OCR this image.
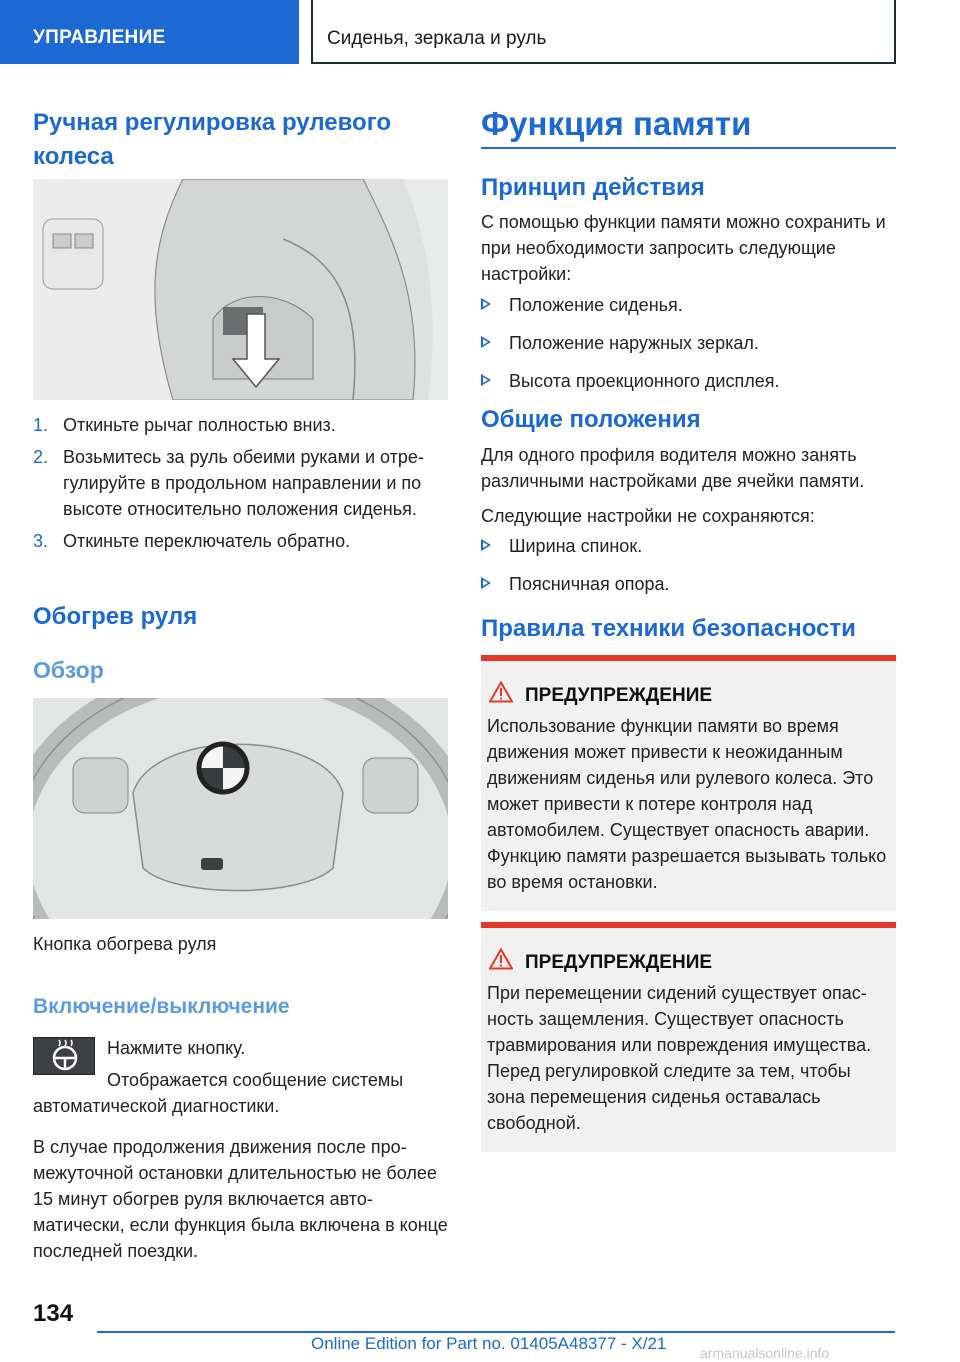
УПРАВЛЕНИЕ	Сиденья, зеркала и руль
Ручная регулировка рулевого колеса
1. Откиньте рычаг полностью вниз.
2. Возьмитесь за руль обеими руками и отрегулируйте в продольном направлении и по высоте относительно положения сиденья.
3. Откиньте переключатель обратно.
Обогрев руля
Обзор
Кнопка обогрева руля
Включение/выключение
Нажмите кнопку.
Отображается сообщение системы автоматической диагностики.
В случае продолжения движения после промежуточной остановки длительностью не более 15 минут обогрев руля включается автоматически, если функция была включена в конце последней поездки.
Функция памяти
Принцип действия
С помощью функции памяти можно сохранить и при необходимости запросить следующие настройки:
Положение сиденья.
Положение наружных зеркал.
Высота проекционного дисплея.
Общие положения
Для одного профиля водителя можно занять различными настройками две ячейки памяти.
Следующие настройки не сохраняются:
Ширина спинок.
Поясничная опора.
Правила техники безопасности
ПРЕДУПРЕЖДЕНИЕ
Использование функции памяти во время движения может привести к неожиданным движениям сиденья или рулевого колеса. Это может привести к потере контроля над автомобилем. Существует опасность аварии. Функцию памяти разрешается вызывать только во время остановки.
ПРЕДУПРЕЖДЕНИЕ
При перемещении сидений существует опасность защемления. Существует опасность травмирования или повреждения имущества. Перед регулировкой следите за тем, чтобы зона перемещения сиденья оставалась свободной.
134
Online Edition for Part no. 01405A48377 - X/21 armanualsonline.info
